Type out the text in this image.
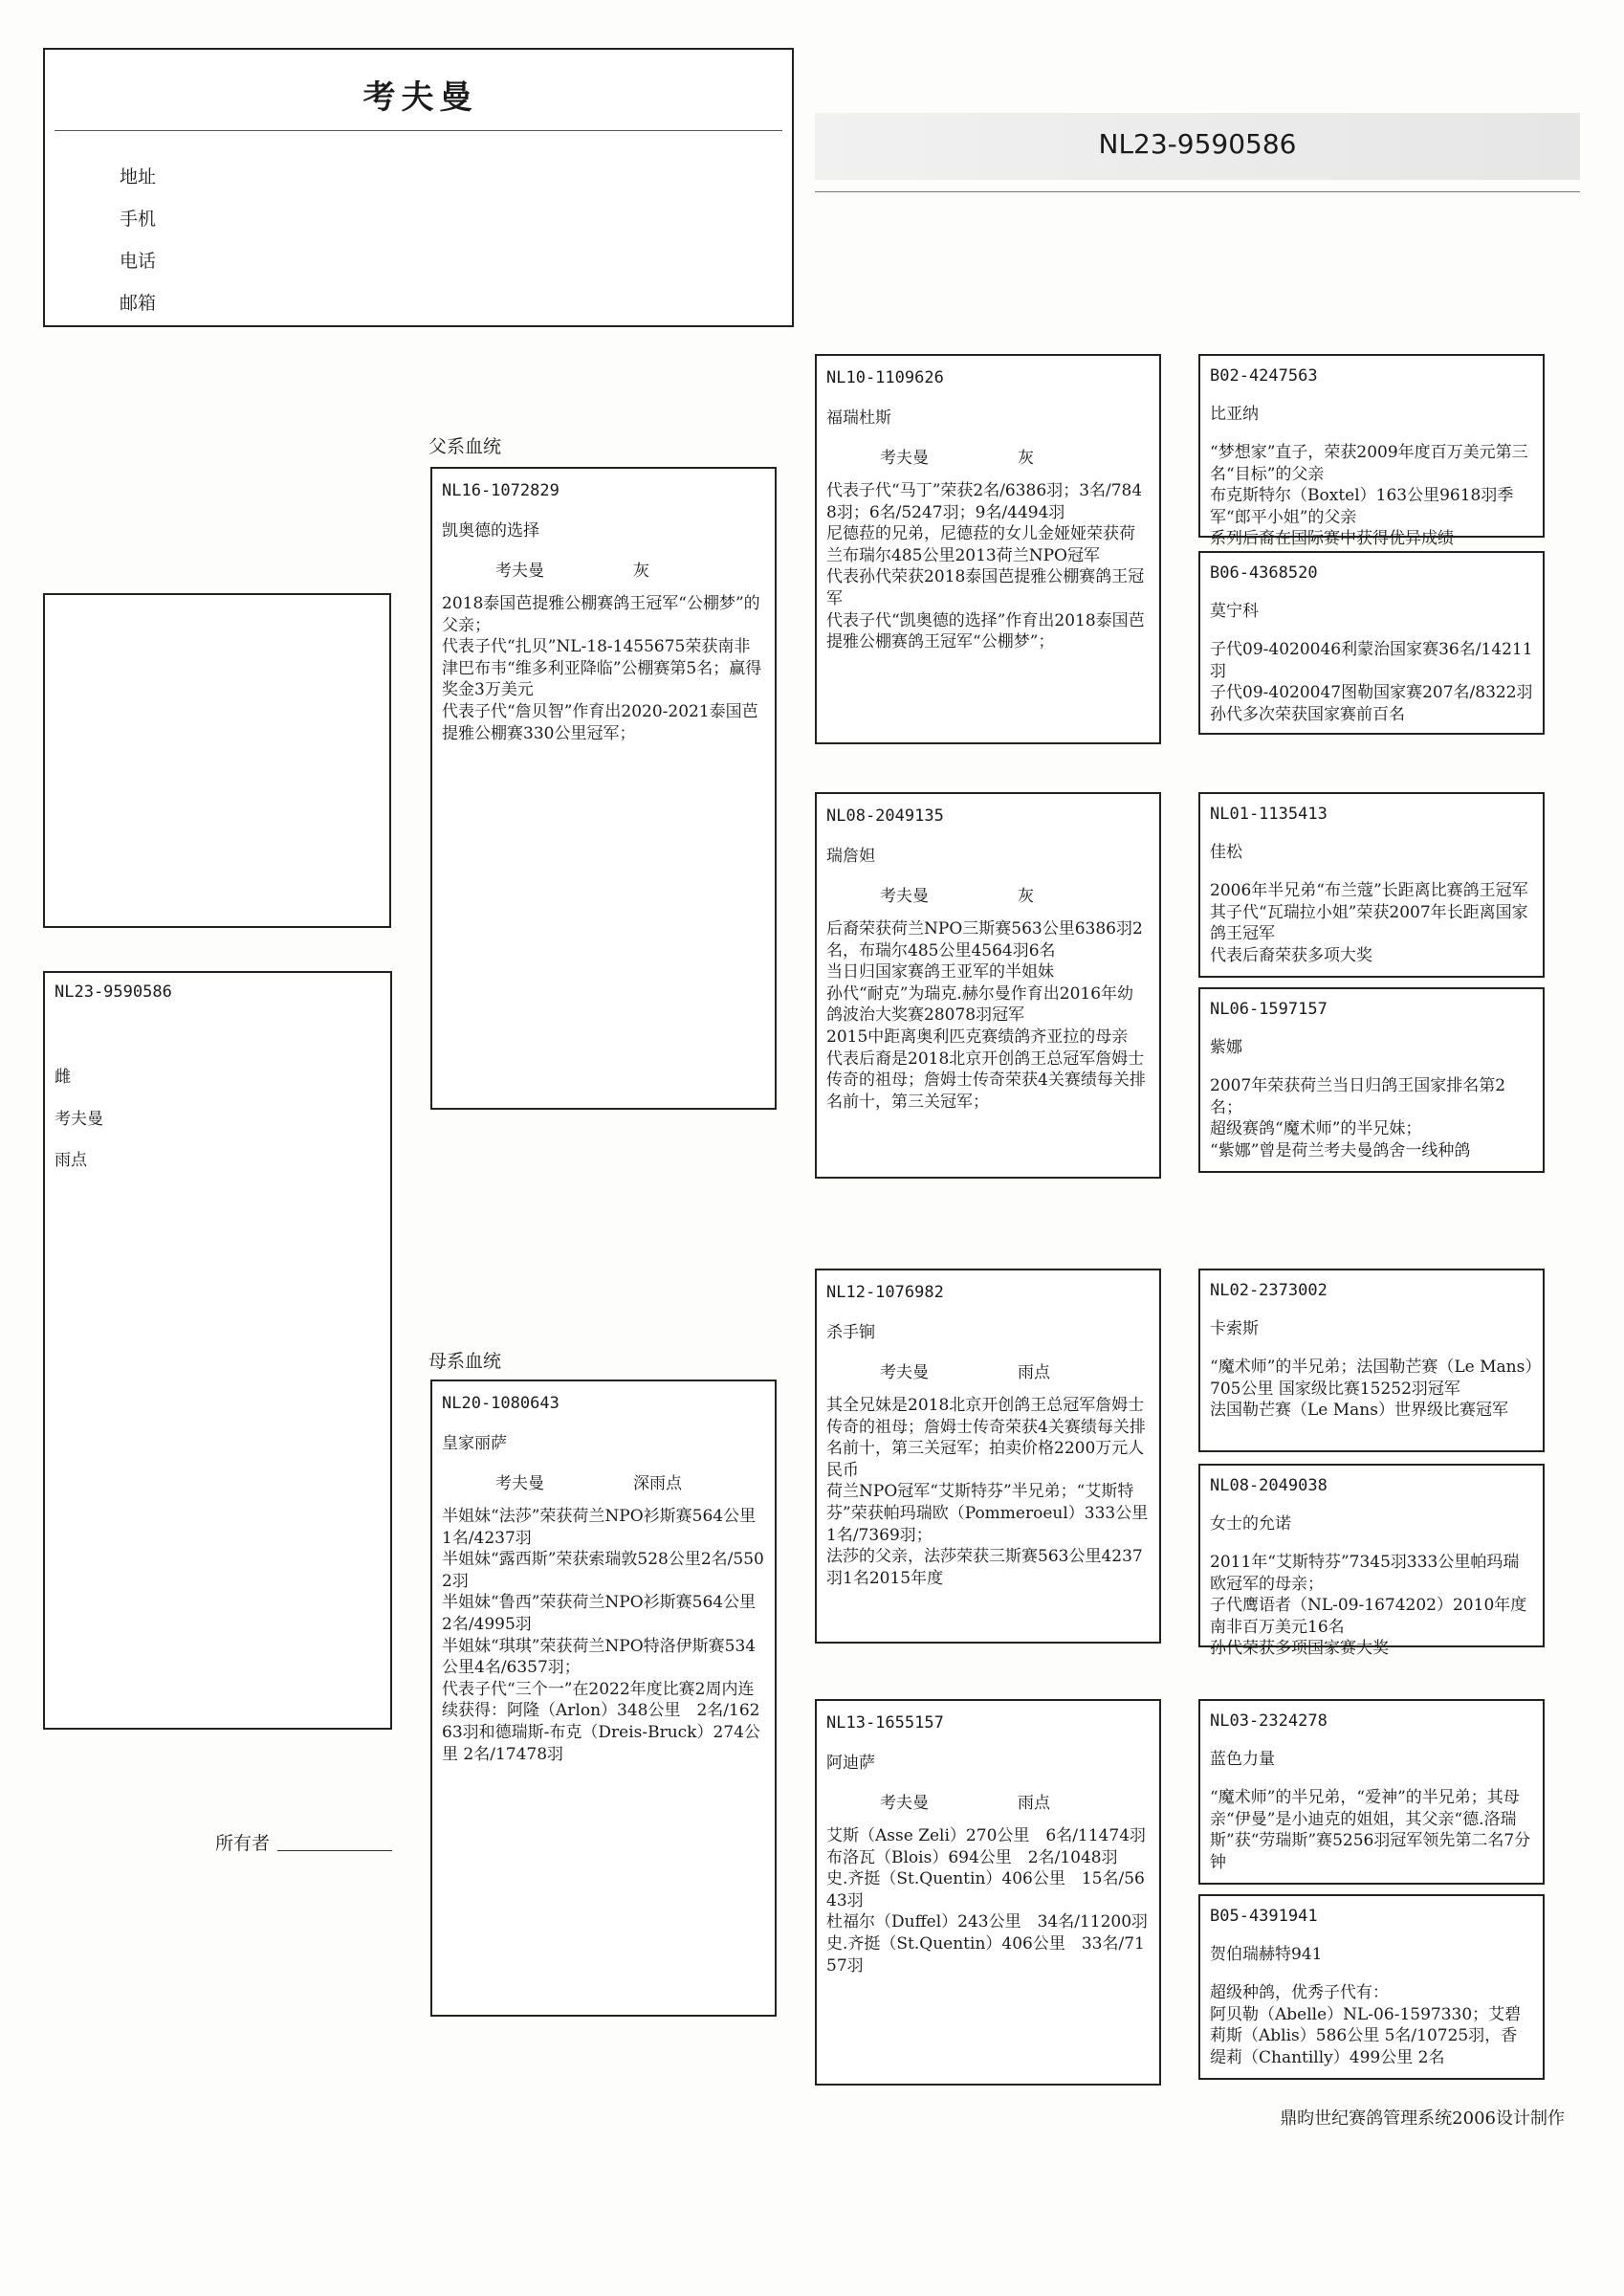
考夫曼
地址
手机
电话
邮箱
NL23-9590586
NL23-9590586
雌
考夫曼
雨点
所有者
父系血统
母系血统
NL16-1072829
凯奥德的选择
考夫曼	灰
2018泰国芭提雅公棚赛鸽王冠军“公棚梦”的父亲；
代表子代“扎贝”NL-18-1455675荣获南非津巴布韦“维多利亚降临”公棚赛第5名；赢得奖金3万美元
代表子代“詹贝智”作育出2020-2021泰国芭提雅公棚赛330公里冠军；
NL20-1080643
皇家丽萨
考夫曼	深雨点
半姐妹“法莎”荣获荷兰NPO衫斯赛564公里1名/4237羽
半姐妹“露西斯”荣获索瑞敦528公里2名/5502羽
半姐妹“鲁西”荣获荷兰NPO衫斯赛564公里2名/4995羽
半姐妹“琪琪”荣获荷兰NPO特洛伊斯赛534公里4名/6357羽；
代表子代“三个一”在2022年度比赛2周内连续获得：阿隆（Arlon）348公里　2名/16263羽和德瑞斯-布克（Dreis-Bruck）274公里 2名/17478羽
NL10-1109626
福瑞杜斯
考夫曼	灰
代表子代“马丁”荣获2名/6386羽；3名/7848羽；6名/5247羽；9名/4494羽
尼德菈的兄弟，尼德菈的女儿金娅娅荣获荷兰布瑞尔485公里2013荷兰NPO冠军
代表孙代荣获2018泰国芭提雅公棚赛鸽王冠军
代表子代“凯奥德的选择”作育出2018泰国芭提雅公棚赛鸽王冠军“公棚梦”；
NL08-2049135
瑞詹妲
考夫曼	灰
后裔荣获荷兰NPO三斯赛563公里6386羽2名，布瑞尔485公里4564羽6名
当日归国家赛鸽王亚军的半姐妹
孙代“耐克”为瑞克.赫尔曼作育出2016年幼鸽波治大奖赛28078羽冠军
2015中距离奥利匹克赛绩鸽齐亚拉的母亲
代表后裔是2018北京开创鸽王总冠军詹姆士传奇的祖母；詹姆士传奇荣获4关赛绩每关排名前十，第三关冠军；
NL12-1076982
杀手锏
考夫曼	雨点
其全兄妹是2018北京开创鸽王总冠军詹姆士传奇的祖母；詹姆士传奇荣获4关赛绩每关排名前十，第三关冠军；拍卖价格2200万元人民币
荷兰NPO冠军“艾斯特芬”半兄弟；“艾斯特芬”荣获帕玛瑞欧（Pommeroeul）333公里　1名/7369羽；
法莎的父亲，法莎荣获三斯赛563公里4237羽1名2015年度
NL13-1655157
阿迪萨
考夫曼	雨点
艾斯（Asse Zeli）270公里　6名/11474羽
布洛瓦（Blois）694公里　2名/1048羽
史.齐挺（St.Quentin）406公里　15名/5643羽
杜福尔（Duffel）243公里　34名/11200羽
史.齐挺（St.Quentin）406公里　33名/7157羽
B02-4247563
比亚纳
“梦想家”直子，荣获2009年度百万美元第三名“目标”的父亲
布克斯特尔（Boxtel）163公里9618羽季军“郎平小姐”的父亲
系列后裔在国际赛中获得优异成绩
B06-4368520
莫宁科
子代09-4020046利蒙治国家赛36名/14211羽
子代09-4020047图勒国家赛207名/8322羽
孙代多次荣获国家赛前百名
NL01-1135413
佳松
2006年半兄弟“布兰蔻”长距离比赛鸽王冠军
其子代“瓦瑞拉小姐”荣获2007年长距离国家鸽王冠军
代表后裔荣获多项大奖
NL06-1597157
紫娜
2007年荣获荷兰当日归鸽王国家排名第2名；
超级赛鸽“魔术师”的半兄妹；
“紫娜”曾是荷兰考夫曼鸽舍一线种鸽
NL02-2373002
卡索斯
“魔术师”的半兄弟；法国勒芒赛（Le Mans）705公里 国家级比赛15252羽冠军
法国勒芒赛（Le Mans）世界级比赛冠军
NL08-2049038
女士的允诺
2011年“艾斯特芬”7345羽333公里帕玛瑞欧冠军的母亲；
子代鹰语者（NL-09-1674202）2010年度南非百万美元16名
孙代荣获多项国家赛大奖
NL03-2324278
蓝色力量
“魔术师”的半兄弟，“爱神”的半兄弟；其母亲“伊曼”是小迪克的姐姐，其父亲“德.洛瑞斯”获“劳瑞斯”赛5256羽冠军领先第二名7分钟
B05-4391941
贺伯瑞赫特941
超级种鸽，优秀子代有：
阿贝勒（Abelle）NL-06-1597330；艾碧莉斯（Ablis）586公里 5名/10725羽，香缇莉（Chantilly）499公里 2名
鼎昀世纪赛鸽管理系统2006设计制作
